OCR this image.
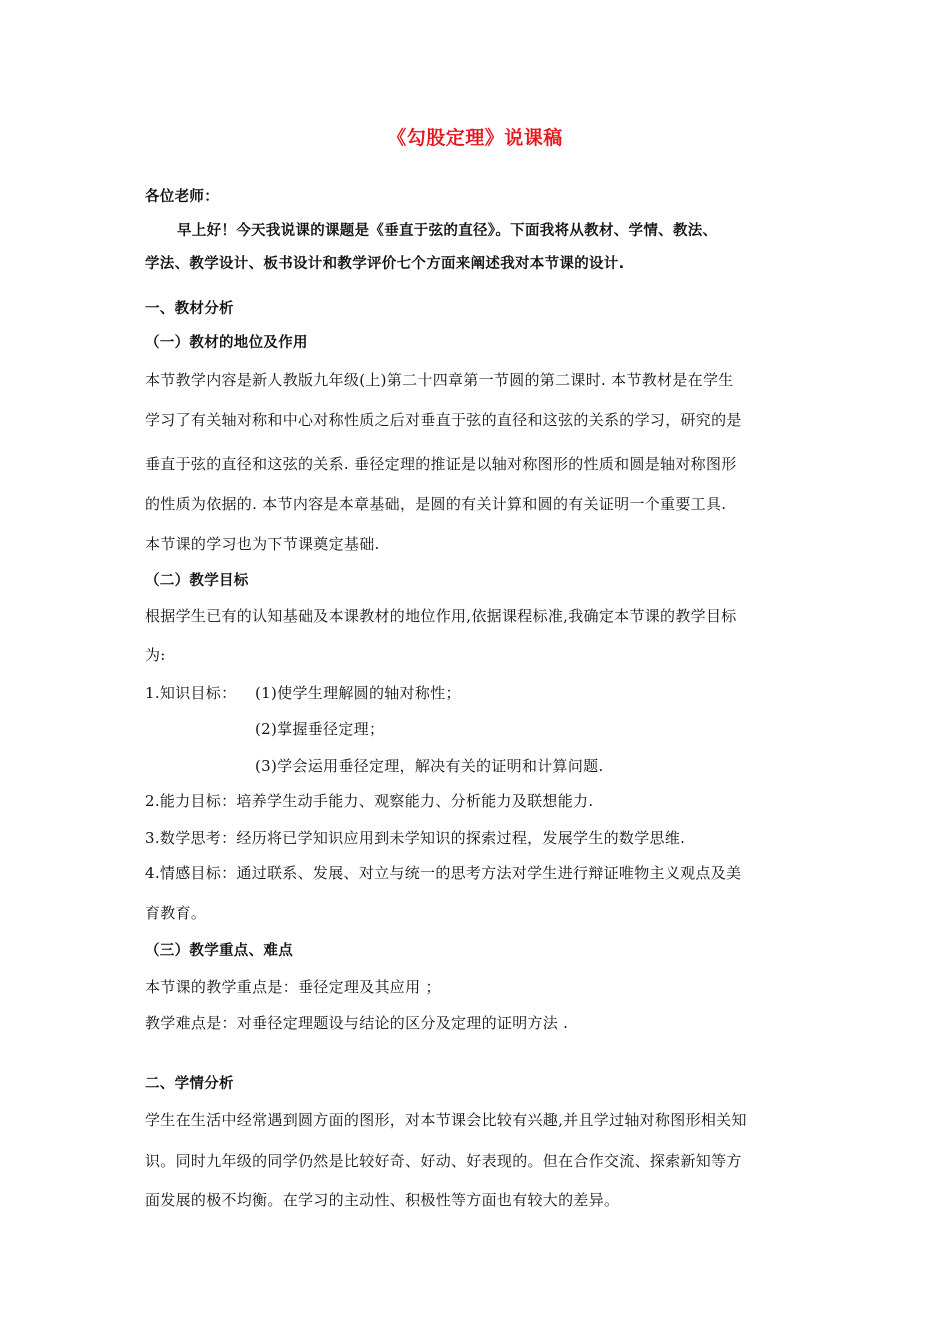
《勾股定理》说课稿
各位老师：
早上好！今天我说课的课题是《垂直于弦的直径》。下面我将从教材、学情、教法、
学法、教学设计、板书设计和教学评价七个方面来阐述我对本节课的设计.
一、教材分析
（一）教材的地位及作用
本节教学内容是新人教版九年级(上)第二十四章第一节圆的第二课时. 本节教材是在学生
学习了有关轴对称和中心对称性质之后对垂直于弦的直径和这弦的关系的学习，研究的是
垂直于弦的直径和这弦的关系. 垂径定理的推证是以轴对称图形的性质和圆是轴对称图形
的性质为依据的. 本节内容是本章基础，是圆的有关计算和圆的有关证明一个重要工具.
本节课的学习也为下节课奠定基础.
（二）教学目标
根据学生已有的认知基础及本课教材的地位作用,依据课程标准,我确定本节课的教学目标
为:
1.知识目标： (1)使学生理解圆的轴对称性；
(2)掌握垂径定理；
(3)学会运用垂径定理，解决有关的证明和计算问题.
2.能力目标：培养学生动手能力、观察能力、分析能力及联想能力.
3.数学思考：经历将已学知识应用到未学知识的探索过程，发展学生的数学思维.
4.情感目标：通过联系、发展、对立与统一的思考方法对学生进行辩证唯物主义观点及美
育教育。
（三）教学重点、难点
本节课的教学重点是：垂径定理及其应用 ；
教学难点是：对垂径定理题设与结论的区分及定理的证明方法 .
二、学情分析
学生在生活中经常遇到圆方面的图形，对本节课会比较有兴趣,并且学过轴对称图形相关知
识。同时九年级的同学仍然是比较好奇、好动、好表现的。但在合作交流、探索新知等方
面发展的极不均衡。在学习的主动性、积极性等方面也有较大的差异。
